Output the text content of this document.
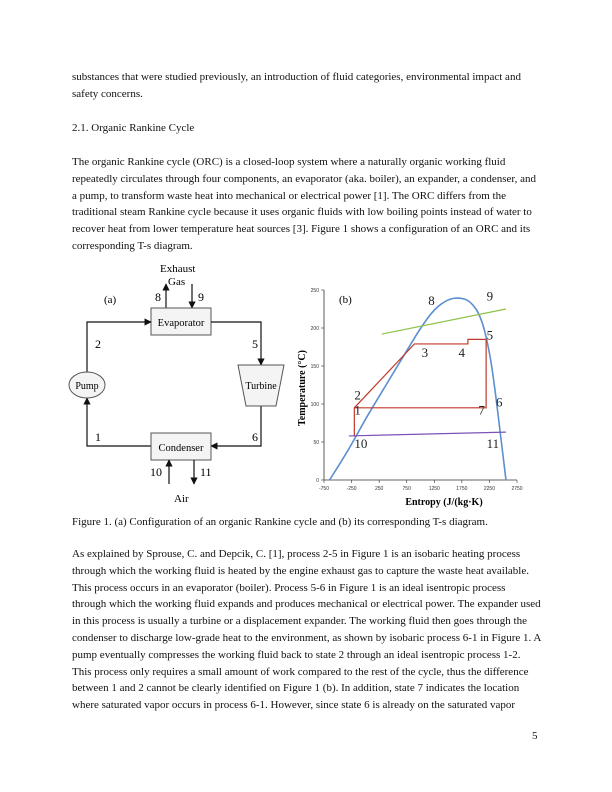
substances that were studied previously, an introduction of fluid categories, environmental impact and safety concerns.

2.1. Organic Rankine Cycle

The organic Rankine cycle (ORC) is a closed-loop system where a naturally organic working fluid repeatedly circulates through four components, an evaporator (aka. boiler), an expander, a condenser, and a pump, to transform waste heat into mechanical or electrical power [1]. The ORC differs from the traditional steam Rankine cycle because it uses organic fluids with low boiling points instead of water to recover heat from lower temperature heat sources [3]. Figure 1 shows a configuration of an ORC and its corresponding T-s diagram.

(a)
Exhaust
Gas
8	9
Evaporator
2	5
1	6
Pump	Turbine
Condenser
10	11
Air
(b)
Temperature (°C)
Entropy (J/(kg·K)
-750	-250	250	750	1250	1750	2250	2750
0
50
100
150
200
250
1
2
3 4
5
6
7
8	9
10	11

Figure 1. (a) Configuration of an organic Rankine cycle and (b) its corresponding T-s diagram.

As explained by Sprouse, C. and Depcik, C. [1], process 2-5 in Figure 1 is an isobaric heating process through which the working fluid is heated by the engine exhaust gas to capture the waste heat available. This process occurs in an evaporator (boiler). Process 5-6 in Figure 1 is an ideal isentropic process through which the working fluid expands and produces mechanical or electrical power. The expander used in this process is usually a turbine or a displacement expander. The working fluid then goes through the condenser to discharge low-grade heat to the environment, as shown by isobaric process 6-1 in Figure 1. A pump eventually compresses the working fluid back to state 2 through an ideal isentropic process 1-2. This process only requires a small amount of work compared to the rest of the cycle, thus the difference between 1 and 2 cannot be clearly identified on Figure 1 (b). In addition, state 7 indicates the location where saturated vapor occurs in process 6-1. However, since state 6 is already on the saturated vapor

5
